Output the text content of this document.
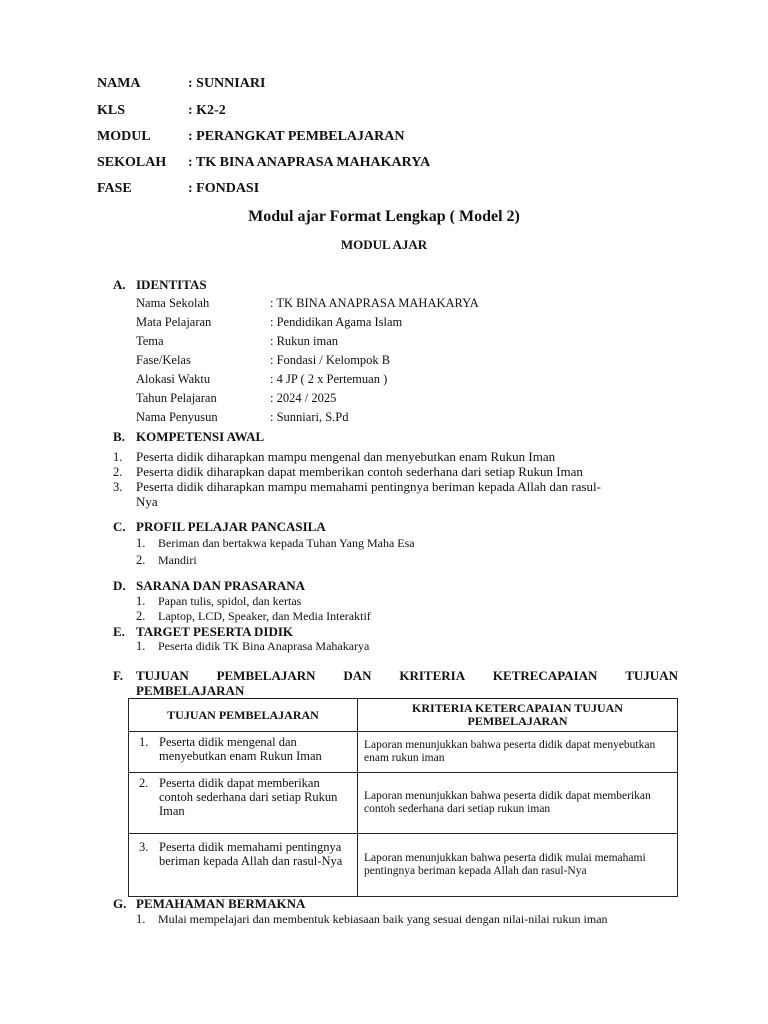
NAMA	: SUNNIARI
KLS	: K2-2
MODUL	: PERANGKAT PEMBELAJARAN
SEKOLAH : TK BINA ANAPRASA MAHAKARYA
FASE	: FONDASI
Modul ajar Format Lengkap ( Model 2)
MODUL AJAR
A. IDENTITAS
Nama Sekolah	: TK BINA ANAPRASA MAHAKARYA
Mata Pelajaran	: Pendidikan Agama Islam
Tema	: Rukun iman
Fase/Kelas	: Fondasi / Kelompok B
Alokasi Waktu	: 4 JP ( 2 x Pertemuan )
Tahun Pelajaran	: 2024 / 2025
Nama Penyusun	: Sunniari, S.Pd
B. KOMPETENSI AWAL
1. Peserta didik diharapkan mampu mengenal dan menyebutkan enam Rukun Iman
2. Peserta didik diharapkan dapat memberikan contoh sederhana dari setiap Rukun Iman
3. Peserta didik diharapkan mampu memahami pentingnya beriman kepada Allah dan rasul-
Nya
C. PROFIL PELAJAR PANCASILA
1. Beriman dan bertakwa kepada Tuhan Yang Maha Esa
2. Mandiri
D. SARANA DAN PRASARANA
1. Papan tulis, spidol, dan kertas
2. Laptop, LCD, Speaker, dan Media Interaktif
E. TARGET PESERTA DIDIK
1. Peserta didik TK Bina Anaprasa Mahakarya
F. TUJUAN PEMBELAJARN DAN KRITERIA KETRECAPAIAN TUJUAN
PEMBELAJARAN
TUJUAN PEMBELAJARAN	KRITERIA KETERCAPAIAN TUJUAN PEMBELAJARAN

1. Peserta didik mengenal dan menyebutkan enam Rukun Iman	Laporan menunjukkan bahwa peserta didik dapat menyebutkan enam rukun iman

2. Peserta didik dapat memberikan contoh sederhana dari setiap Rukun Iman	Laporan menunjukkan bahwa peserta didik dapat memberikan contoh sederhana dari setiap rukun iman

3. Peserta didik memahami pentingnya beriman kepada Allah dan rasul-Nya	Laporan menunjukkan bahwa peserta didik mulai memahami pentingnya beriman kepada Allah dan rasul-Nya
G. PEMAHAMAN BERMAKNA
1. Mulai mempelajari dan membentuk kebiasaan baik yang sesuai dengan nilai-nilai rukun iman
